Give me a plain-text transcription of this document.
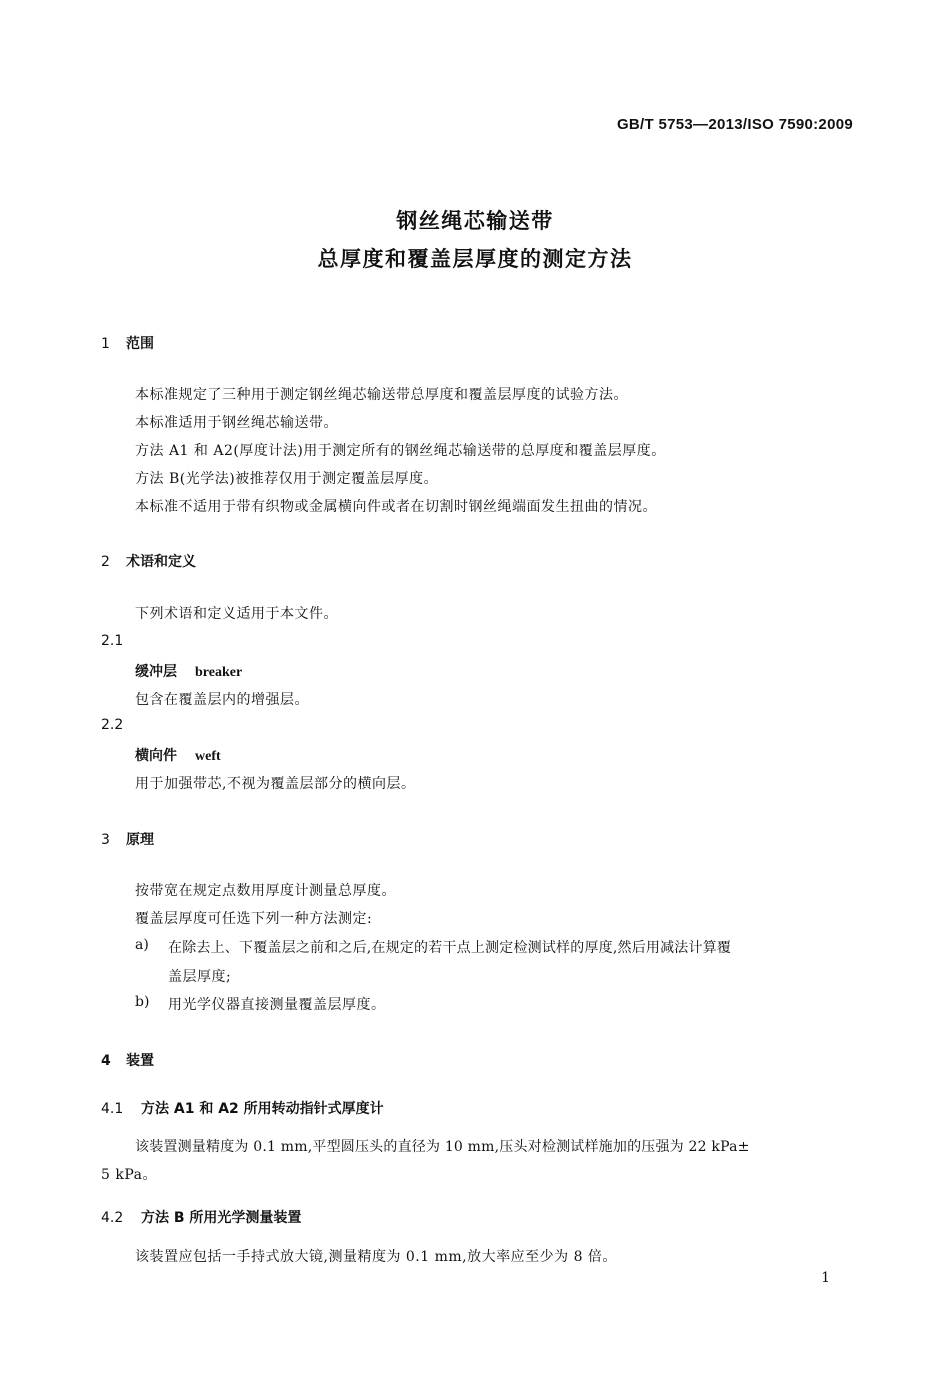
GB/T 5753—2013/ISO 7590:2009
钢丝绳芯输送带
总厚度和覆盖层厚度的测定方法
1 范围
本标准规定了三种用于测定钢丝绳芯输送带总厚度和覆盖层厚度的试验方法。
本标准适用于钢丝绳芯输送带。
方法 A1 和 A2(厚度计法)用于测定所有的钢丝绳芯输送带的总厚度和覆盖层厚度。
方法 B(光学法)被推荐仅用于测定覆盖层厚度。
本标准不适用于带有织物或金属横向件或者在切割时钢丝绳端面发生扭曲的情况。
2 术语和定义
下列术语和定义适用于本文件。
2.1
缓冲层 breaker
包含在覆盖层内的增强层。
2.2
横向件 weft
用于加强带芯,不视为覆盖层部分的横向层。
3 原理
按带宽在规定点数用厚度计测量总厚度。
覆盖层厚度可任选下列一种方法测定:
a) 在除去上、下覆盖层之前和之后,在规定的若干点上测定检测试样的厚度,然后用减法计算覆
盖层厚度;
b) 用光学仪器直接测量覆盖层厚度。
4 装置
4.1 方法 A1 和 A2 所用转动指针式厚度计
该装置测量精度为 0.1 mm,平型圆压头的直径为 10 mm,压头对检测试样施加的压强为 22 kPa±
5 kPa。
4.2 方法 B 所用光学测量装置
该装置应包括一手持式放大镜,测量精度为 0.1 mm,放大率应至少为 8 倍。
1
